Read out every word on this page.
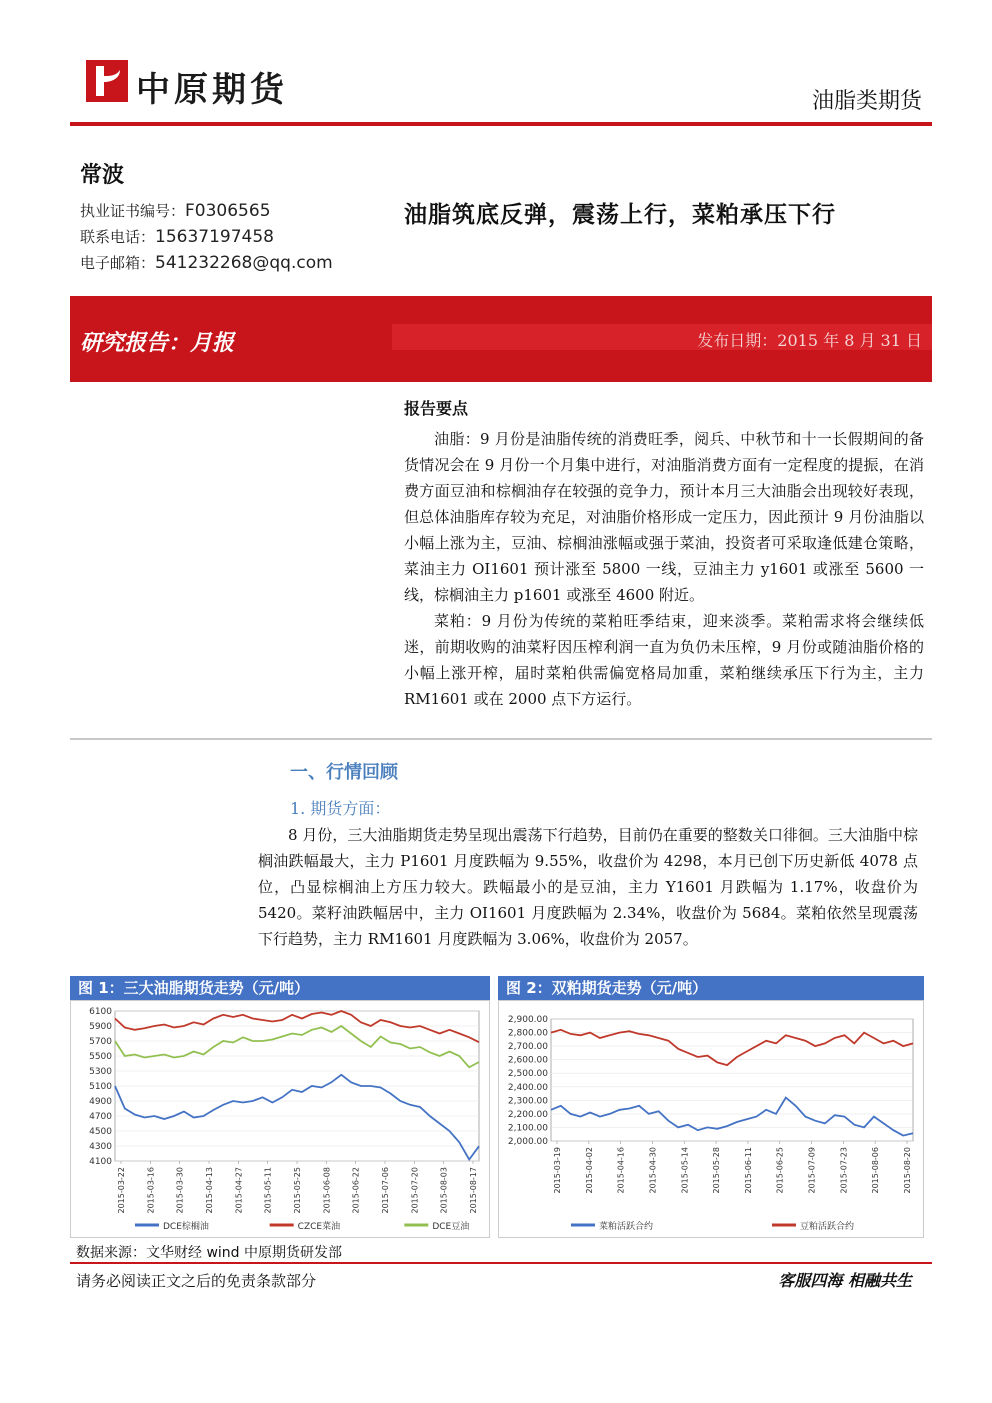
中原期货	油脂类期货
常波
执业证书编号：F0306565
联系电话：15637197458
电子邮箱：541232268@qq.com
油脂筑底反弹，震荡上行，菜粕承压下行
研究报告：月报	发布日期：2015 年 8 月 31 日
报告要点

油脂：9 月份是油脂传统的消费旺季，阅兵、中秋节和十一长假期间的备货情况会在 9 月份一个月集中进行，对油脂消费方面有一定程度的提振，在消费方面豆油和棕榈油存在较强的竞争力，预计本月三大油脂会出现较好表现，但总体油脂库存较为充足，对油脂价格形成一定压力，因此预计 9 月份油脂以小幅上涨为主，豆油、棕榈油涨幅或强于菜油，投资者可采取逢低建仓策略，菜油主力 OI1601 预计涨至 5800 一线，豆油主力 y1601 或涨至 5600 一线，棕榈油主力 p1601 或涨至 4600 附近。

菜粕：9 月份为传统的菜粕旺季结束，迎来淡季。菜粕需求将会继续低迷，前期收购的油菜籽因压榨利润一直为负仍未压榨，9 月份或随油脂价格的小幅上涨开榨，届时菜粕供需偏宽格局加重，菜粕继续承压下行为主，主力 RM1601 或在 2000 点下方运行。

一、行情回顾
1. 期货方面：

8 月份，三大油脂期货走势呈现出震荡下行趋势，目前仍在重要的整数关口徘徊。三大油脂中棕榈油跌幅最大，主力 P1601 月度跌幅为 9.55%，收盘价为 4298，本月已创下历史新低 4078 点位，凸显棕榈油上方压力较大。跌幅最小的是豆油，主力 Y1601 月跌幅为 1.17%，收盘价为 5420。菜籽油跌幅居中，主力 OI1601 月度跌幅为 2.34%，收盘价为 5684。菜粕依然呈现震荡下行趋势，主力 RM1601 月度跌幅为 3.06%，收盘价为 2057。

图 1：三大油脂期货走势（元/吨）
6100
5900
5700
5500
5300
5100
4900
4700
4500
4300
4100
2015-03-22	2015-03-16	2015-03-30	2015-04-13	2015-04-27	2015-05-11	2015-05-25	2015-06-08	2015-06-22	2015-07-06	2015-07-20	2015-08-03	2015-08-17
DCE棕榈油	CZCE菜油	DCE豆油
图 2：双粕期货走势（元/吨）
2,900.00
2,800.00
2,700.00
2,600.00
2,500.00
2,400.00
2,300.00
2,200.00
2,100.00
2,000.00
2015-03-19	2015-04-02	2015-04-16	2015-04-30	2015-05-14	2015-05-28	2015-06-11	2015-06-25	2015-07-09	2015-07-23	2015-08-06	2015-08-20
菜粕活跃合约	豆粕活跃合约
数据来源：文华财经 wind 中原期货研发部
请务必阅读正文之后的免责条款部分	客服四海 相融共生
